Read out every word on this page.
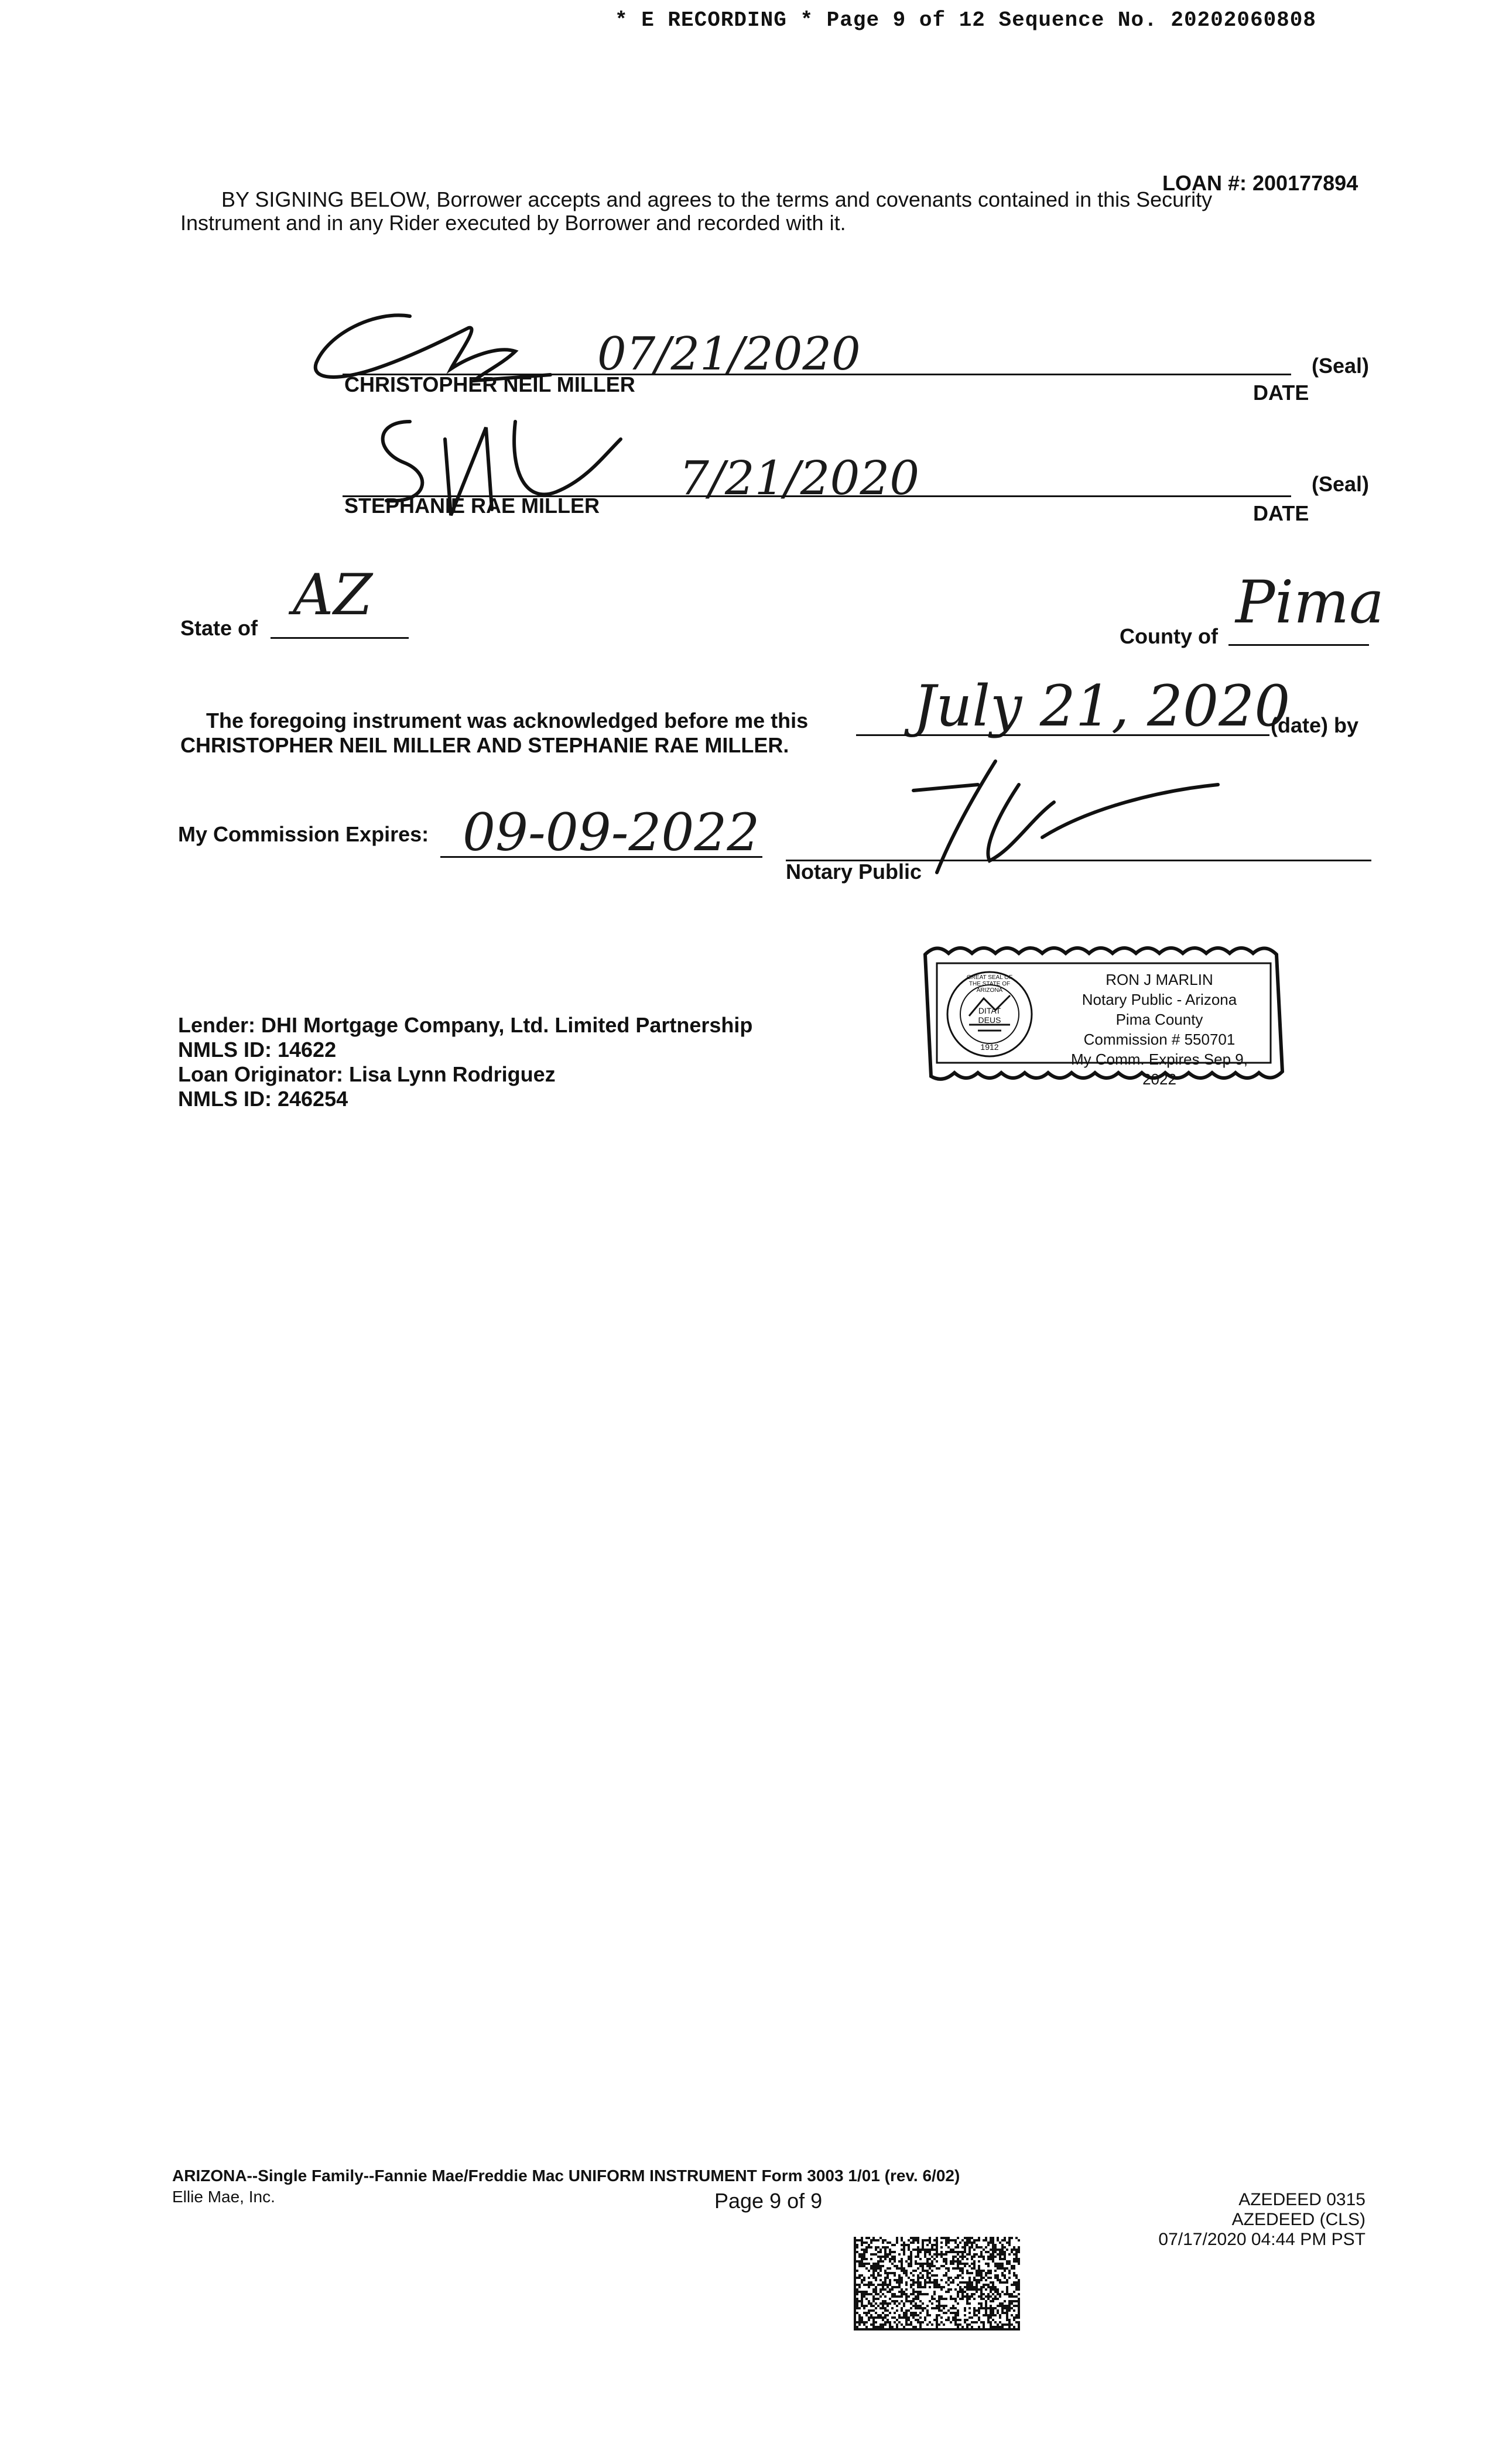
* E RECORDING * Page 9 of 12 Sequence No. 20202060808
LOAN #: 200177894
BY SIGNING BELOW, Borrower accepts and agrees to the terms and covenants contained in this Security
Instrument and in any Rider executed by Borrower and recorded with it.
07/21/2020
CHRISTOPHER NEIL MILLER
(Seal)
DATE
7/21/2020
STEPHANIE RAE MILLER
(Seal)
DATE
State of
AZ
County of Pima
The foregoing instrument was acknowledged before me this July 21, 2020
(date) by
CHRISTOPHER NEIL MILLER AND STEPHANIE RAE MILLER.
My Commission Expires: 09-09-2022
Notary Public
DITAT DEUS
GREAT SEAL OF THE STATE OF ARIZONA
1912
RON J MARLIN
Notary Public - Arizona
Pima County
Commission # 550701
My Comm. Expires Sep 9, 2022
Lender: DHI Mortgage Company, Ltd. Limited Partnership
NMLS ID: 14622
Loan Originator: Lisa Lynn Rodriguez
NMLS ID: 246254
ARIZONA--Single Family--Fannie Mae/Freddie Mac UNIFORM INSTRUMENT Form 3003 1/01 (rev. 6/02)
Ellie Mae, Inc.	Page 9 of 9	AZEDEED 0315
AZEDEED (CLS)
07/17/2020 04:44 PM PST
